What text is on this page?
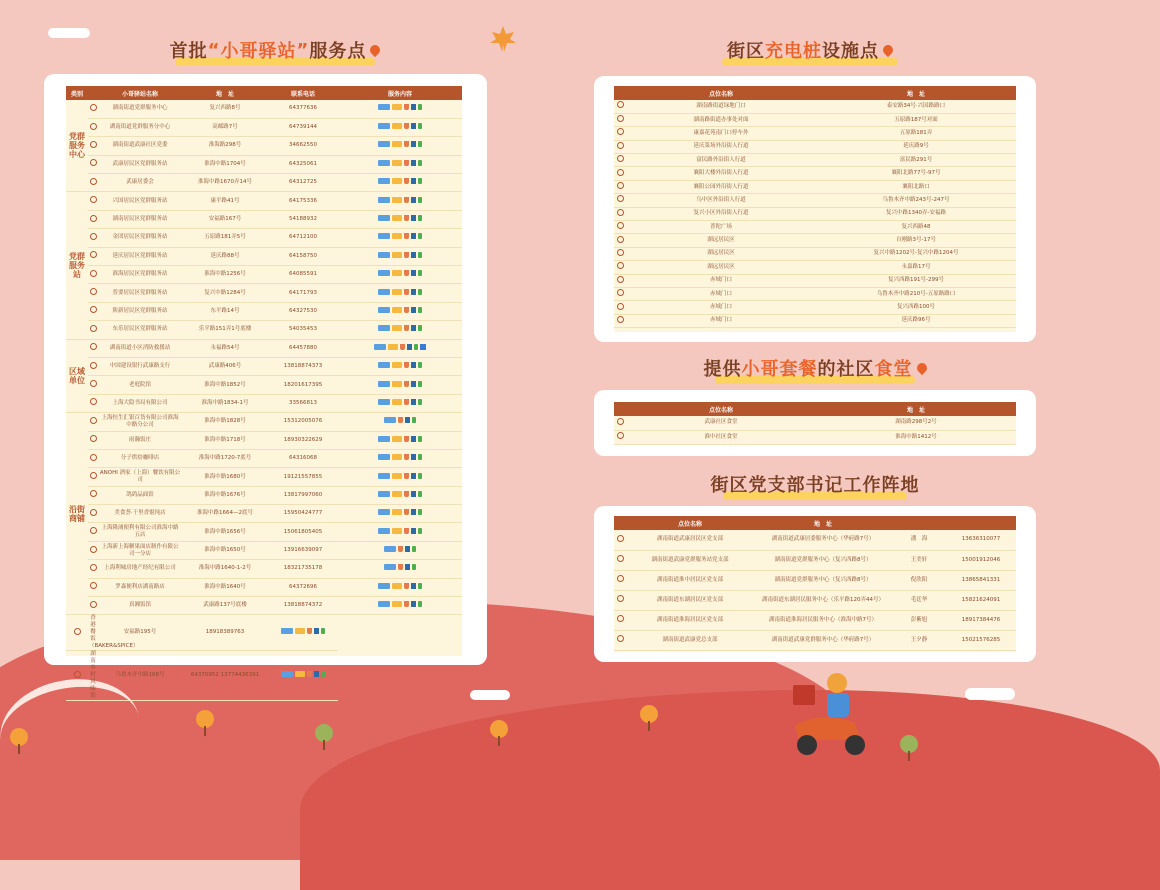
首批 “ 小哥驿站 ” 服务点
类别		小哥驿站名称	地　址	联系电话	服务内容
党群服务中心		湖南街道党群服务中心	复兴西路8号	64377636	

		湖南街道党群服务分中心	高邮路7号	64739144	

		湖南街道武康社区党委	淮海路298号	34662550	

		武康居民区党群服务站	淮海中路1704号	64325061	

		武康居委会	淮海中路1670弄14号	64312725	

党群服务站		兴国居民区党群服务站	康平路41号	64175336	

		湖南居民区党群服务站	安福路167号	54188932	

		金团居民区党群服务站	五原路181弄5号	64712100	

		延庆居民区党群服务站	延庆路88号	64158750	

		淮海居民区党群服务站	淮海中路1256号	64085591	

		普要居民区党群服务站	复兴中路1284号	64171793	

		陕新居民区党群服务站	东平路14号	64327530	

		东乐居民区党群服务站	乐平路151弄1号底楼	54035453	

区域单位		湖南街道小区消防救援站	永福路54号	64457880	

		中国建设银行武康路支行	武康路406号	13818874373	

		老庭院馆	淮海中路1852号	18201617395	

		上海大隐书局有限公司	淮海中路1834-1号	33566813	

沿街商铺		上海恒生汇银百货有限公司淮海中路分公司	淮海中路1828号	15312005076	

		雨瀚饭庄	淮海中路1718号	18930322629	

		分子烘焙咖啡店	淮海中路1720-7底号	64316068	

		ANOHI 酒家（上海）餐饮有限公司	淮海中路1680号	19121557855	

		鸽鸽品面馆	淮海中路1676号	13817997060	

		美食荟·干里香馄饨店	淮海中路1664—2底号	15950424777	

		上海隆浦便利有限公司淮海中路五店	淮海中路1656号	15061805405	

		上海新上海糖果面店制作有限公司一分店	淮海中路1650号	13916639097	

		上海利城房地产经纪有限公司	淮海中路1640-1-2号	18321735178	

		罗森便利店湖南路店	淮海中路1640号	64372696	

		真湘饭馆	武康路137号底楼	13818874372	

	香港餐饭（BAKER&SPICE）	安福路195号	18918389763		

	湖南乡村风味馆	乌鲁木齐中路168号	64370952 13774436391		
街区 充电桩 设施点
	点位名称	地　址
	湖南路街道绿地门口	泰安路34号·兴国路路口
	湖南路街道办事处对面	五原路187号对面
	康嘉花苑南门口停车外	五原路181弄
	延庆菜场外沿街人行道	延庆路9号
	富民路外沿街人行道	富民路291号
	襄阳大楼外沿街人行道	襄阳北路77号-97号
	襄阳公园外沿街人行道	襄阳北路口
	乌中区外沿街人行道	乌鲁木齐中路243号-247号
	复兴小区外沿街人行道	复兴中路1340弄-安福路
	普陀广场	复兴西路48
	湖远居民区	自刚路3号-17号
	湖远居民区	复兴中路1202号-复兴中路1204号
	湖远居民区	永嘉路17号
	赤域门口	复兴西路191号-299号
	赤域门口	乌鲁木齐中路210号-五原路路口
	赤域门口	复兴西路100号
	赤域门口	延庆路96号
提供 小哥套餐 的社区 食堂
	点位名称	地　址
	武康社区食堂	湖南路298号2号
	淮中社区食堂	淮海中路1412号
街区党支部书记工作阵地
	点位名称	地　址		
	湖南街道武康居民区党支部	湖南街道武康居委服务中心（华府路7号）	潘　海	13636310077
	湖南街道武康党群服务站党支部	湖南街道党群服务中心（复兴西路8号）	王美轩	15001912046
	湖南街道淮中居民区党支部	湖南街道党群服务中心（复兴西路8号）	倪欣阳	13865841331
	湖南街道东湖居民区党支部	湖南街道东湖居民服务中心（乐平路120弄44号）	毛廷华	15821624091
	湖南街道淮海居民区党支部	湖南街道淮海居民服务中心（淮海中路7号）	彭紫旭	18917384476
	湖南街道武康党总支部	湖南街道武康党群服务中心（华府路7号）	王夕静	15021576285
